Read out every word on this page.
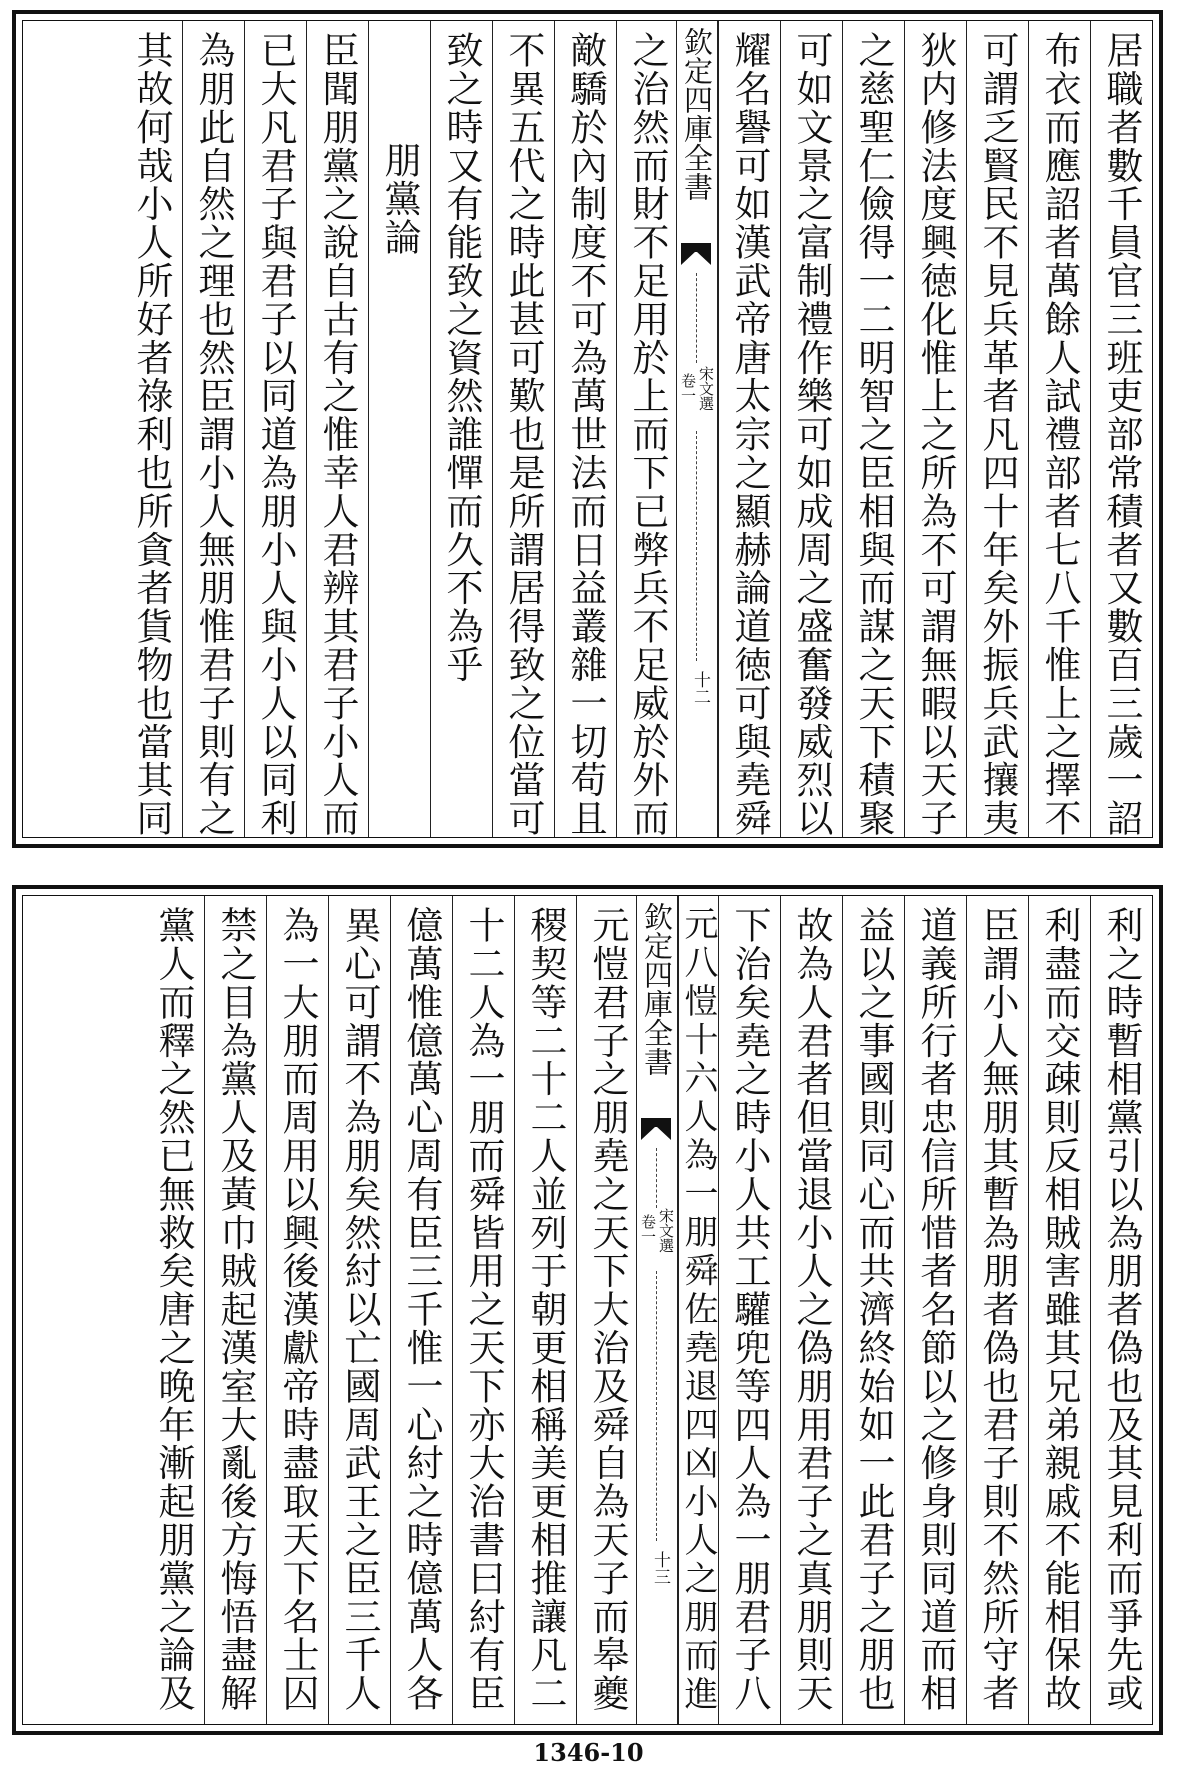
居職者數千員官三班吏部常積者又數百三歲一詔
布衣而應詔者萬餘人試禮部者七八千惟上之擇不
可謂乏賢民不見兵革者凡四十年矣外振兵武攘夷
狄内修法度興徳化惟上之所為不可謂無暇以天子
之慈聖仁儉得一二明智之臣相與而謀之天下積聚
可如文景之富制禮作樂可如成周之盛奮發威烈以
耀名譽可如漢武帝唐太宗之顯赫論道徳可與堯舜
欽定四庫全書
宋文選
卷一
十二
之治然而財不足用於上而下已弊兵不足威於外而
敵驕於內制度不可為萬世法而日益叢雜一切苟且
不異五代之時此甚可歎也是所謂居得致之位當可
致之時又有能致之資然誰憚而久不為乎
朋黨論
臣聞朋黨之說自古有之惟幸人君辨其君子小人而
已大凡君子與君子以同道為朋小人與小人以同利
為朋此自然之理也然臣謂小人無朋惟君子則有之
其故何哉小人所好者祿利也所貪者貨物也當其同
利之時暫相黨引以為朋者偽也及其見利而爭先或
利盡而交疎則反相賊害雖其兄弟親戚不能相保故
臣謂小人無朋其暫為朋者偽也君子則不然所守者
道義所行者忠信所惜者名節以之修身則同道而相
益以之事國則同心而共濟終始如一此君子之朋也
故為人君者但當退小人之偽朋用君子之真朋則天
下治矣堯之時小人共工驩兜等四人為一朋君子八
元八愷十六人為一朋舜佐堯退四凶小人之朋而進
欽定四庫全書
宋文選
卷一
十三
元愷君子之朋堯之天下大治及舜自為天子而皋夔
稷契等二十二人並列于朝更相稱美更相推讓凡二
十二人為一朋而舜皆用之天下亦大治書曰紂有臣
億萬惟億萬心周有臣三千惟一心紂之時億萬人各
異心可謂不為朋矣然紂以亡國周武王之臣三千人
為一大朋而周用以興後漢獻帝時盡取天下名士囚
禁之目為黨人及黃巾賊起漢室大亂後方悔悟盡解
黨人而釋之然已無救矣唐之晚年漸起朋黨之論及
1346-10
